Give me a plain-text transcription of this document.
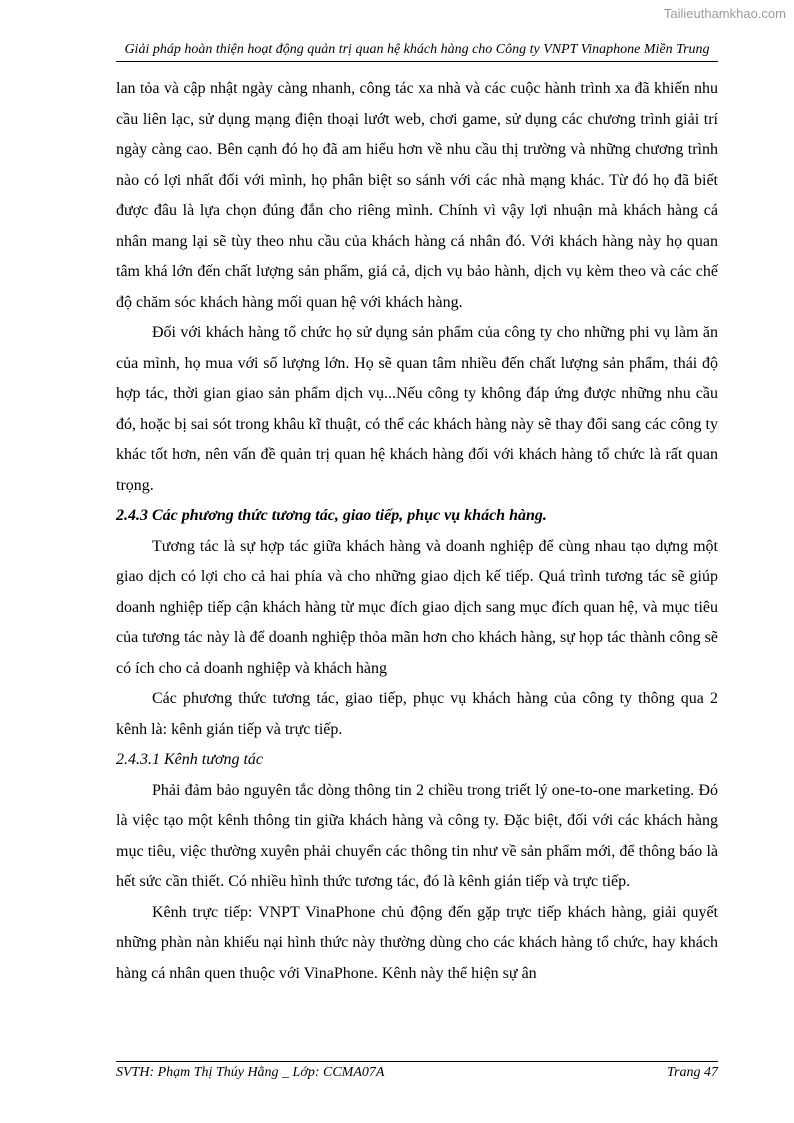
Tailieuthamkhao.com
Giải pháp hoàn thiện hoạt động quản trị quan hệ khách hàng cho Công ty VNPT Vinaphone Miền Trung

lan tỏa và cập nhật ngày càng nhanh, công tác xa nhà và các cuộc hành trình xa đã khiến nhu cầu liên lạc, sử dụng mạng điện thoại lướt web, chơi game, sử dụng các chương trình giải trí ngày càng cao. Bên cạnh đó họ đã am hiểu hơn về nhu cầu thị trường và những chương trình nào có lợi nhất đối với mình, họ phân biệt so sánh với các nhà mạng khác. Từ đó họ đã biết được đâu là lựa chọn đúng đắn cho riêng mình. Chính vì vậy lợi nhuận mà khách hàng cá nhân mang lại sẽ tùy theo nhu cầu của khách hàng cá nhân đó. Với khách hàng này họ quan tâm khá lớn đến chất lượng sản phẩm, giá cả, dịch vụ bảo hành, dịch vụ kèm theo và các chế độ chăm sóc khách hàng mối quan hệ với khách hàng.

Đối với khách hàng tổ chức họ sử dụng sản phẩm của công ty cho những phi vụ làm ăn của mình, họ mua với số lượng lớn. Họ sẽ quan tâm nhiều đến chất lượng sản phẩm, thái độ hợp tác, thời gian giao sản phẩm dịch vụ...Nếu công ty không đáp ứng được những nhu cầu đó, hoặc bị sai sót trong khâu kĩ thuật, có thể các khách hàng này sẽ thay đổi sang các công ty khác tốt hơn, nên vấn đề quản trị quan hệ khách hàng đối với khách hàng tổ chức là rất quan trọng.

2.4.3 Các phương thức tương tác, giao tiếp, phục vụ khách hàng.

Tương tác là sự hợp tác giữa khách hàng và doanh nghiệp để cùng nhau tạo dựng một giao dịch có lợi cho cả hai phía và cho những giao dịch kế tiếp. Quá trình tương tác sẽ giúp doanh nghiệp tiếp cận khách hàng từ mục đích giao dịch sang mục đích quan hệ, và mục tiêu của tương tác này là để doanh nghiệp thỏa mãn hơn cho khách hàng, sự họp tác thành công sẽ có ích cho cả doanh nghiệp và khách hàng

Các phương thức tương tác, giao tiếp, phục vụ khách hàng của công ty thông qua 2 kênh là: kênh gián tiếp và trực tiếp.

2.4.3.1 Kênh tương tác

Phải đảm bảo nguyên tắc dòng thông tin 2 chiều trong triết lý one-to-one marketing. Đó là việc tạo một kênh thông tin giữa khách hàng và công ty. Đặc biệt, đối với các khách hàng mục tiêu, việc thường xuyên phải chuyển các thông tin như về sản phẩm mới, để thông báo là hết sức cần thiết. Có nhiều hình thức tương tác, đó là kênh gián tiếp và trực tiếp.

Kênh trực tiếp: VNPT VinaPhone chủ động đến gặp trực tiếp khách hàng, giải quyết những phàn nàn khiếu nại hình thức này thường dùng cho các khách hàng tổ chức, hay khách hàng cá nhân quen thuộc với VinaPhone. Kênh này thể hiện sự ân

SVTH: Phạm Thị Thúy Hằng _ Lớp: CCMA07A	Trang 47
